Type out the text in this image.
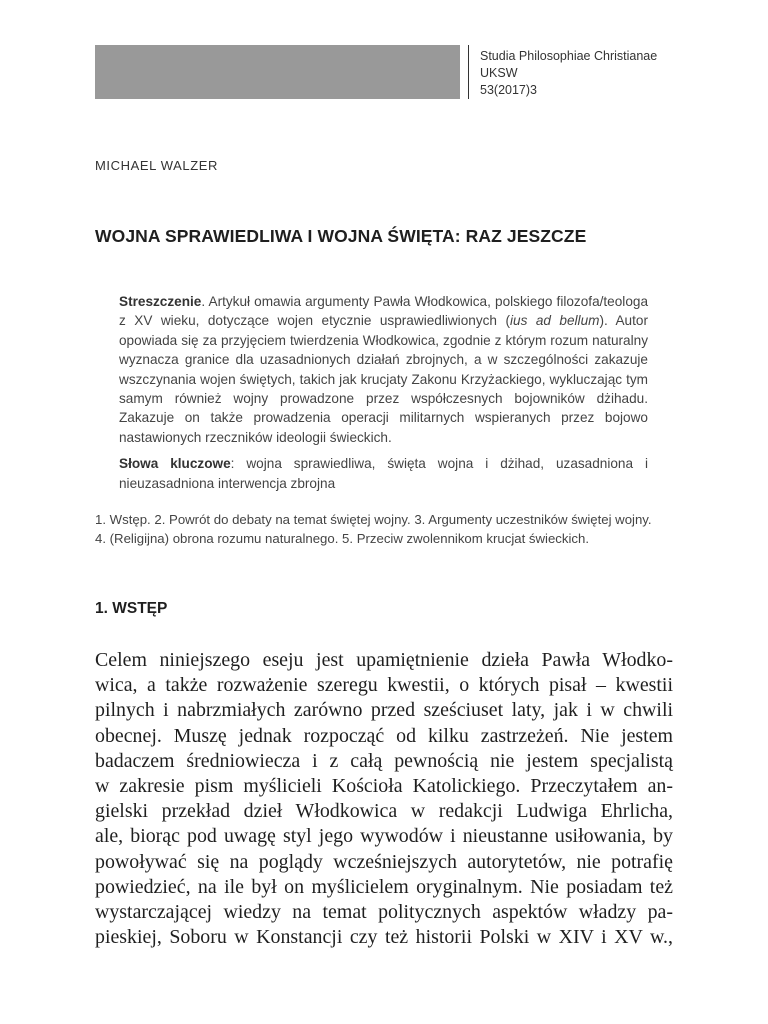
Studia Philosophiae Christianae
UKSW
53(2017)3
MICHAEL WALZER
WOJNA SPRAWIEDLIWA I WOJNA ŚWIĘTA: RAZ JESZCZE

Streszczenie. Artykuł omawia argumenty Pawła Włodkowica, polskiego filozofa/teologa z XV wieku, dotyczące wojen etycznie usprawiedliwionych (ius ad bellum). Autor opowiada się za przyjęciem twierdzenia Włodkowica, zgodnie z którym rozum naturalny wyznacza granice dla uzasadnionych działań zbrojnych, a w szczególności zakazuje wszczynania wojen świętych, takich jak krucjaty Zakonu Krzyżackiego, wykluczając tym samym również wojny prowadzone przez współczesnych bojowników dżihadu. Zakazuje on także prowadzenia operacji militarnych wspieranych przez bojowo nastawionych rzeczników ideologii świeckich.

Słowa kluczowe: wojna sprawiedliwa, święta wojna i dżihad, uzasadniona i nieuzasadniona interwencja zbrojna

1. Wstęp. 2. Powrót do debaty na temat świętej wojny. 3. Argumenty uczestników świętej wojny.
4. (Religijna) obrona rozumu naturalnego. 5. Przeciw zwolennikom krucjat świeckich.
1. WSTĘP
Celem niniejszego eseju jest upamiętnienie dzieła Pawła Włodko-
wica, a także rozważenie szeregu kwestii, o których pisał – kwestii
pilnych i nabrzmiałych zarówno przed sześciuset laty, jak i w chwili
obecnej. Muszę jednak rozpocząć od kilku zastrzeżeń. Nie jestem
badaczem średniowiecza i z całą pewnością nie jestem specjalistą
w zakresie pism myślicieli Kościoła Katolickiego. Przeczytałem an-
gielski przekład dzieł Włodkowica w redakcji Ludwiga Ehrlicha,
ale, biorąc pod uwagę styl jego wywodów i nieustanne usiłowania, by
powoływać się na poglądy wcześniejszych autorytetów, nie potrafię
powiedzieć, na ile był on myślicielem oryginalnym. Nie posiadam też
wystarczającej wiedzy na temat politycznych aspektów władzy pa-
pieskiej, Soboru w Konstancji czy też historii Polski w XIV i XV w.,
